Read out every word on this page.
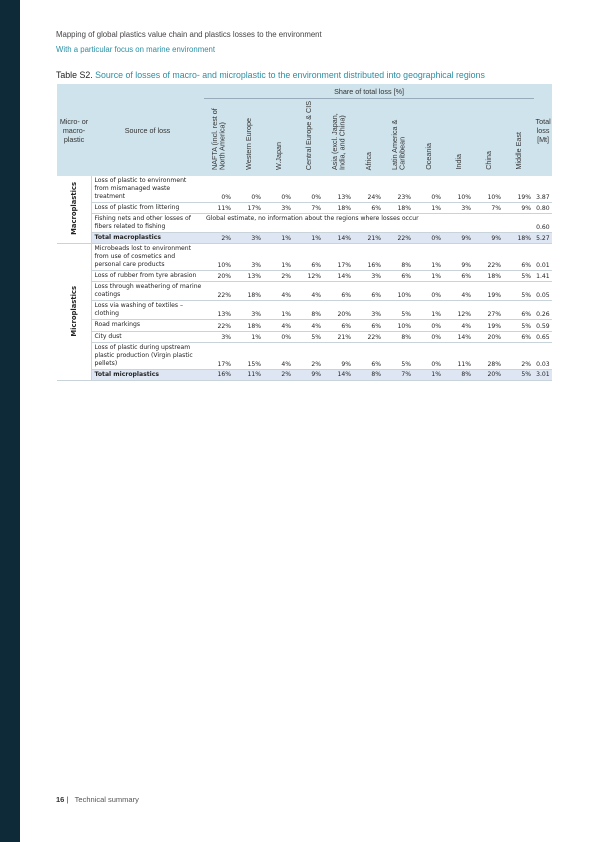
Mapping of global plastics value chain and plastics losses to the environment
With a particular focus on marine environment
Table S2. Source of losses of macro- and microplastic to the environment distributed into geographical regions
Micro- or macro- plastic	Source of loss	Share of total loss [%]											Total loss [Mt]
		NAFTA (incl. rest of North America)	Western Europe	W.Japan	Central Europe & CIS	Asia (excl. Japan, India, and China)	Africa	Latin America & Caribbean	Oceania	India	China	Middle East	
Macroplastics	Loss of plastic to environment from mismanaged waste treatment	0%	0%	0%	0%	13%	24%	23%	0%	10%	10%	19%	3.87
	Loss of plastic from littering	11%	17%	3%	7%	18%	6%	18%	1%	3%	7%	9%	0.80
	Fishing nets and other losses of fibers related to fishing	Global estimate, no information about the regions where losses occur											0.60
	Total macroplastics	2%	3%	1%	1%	14%	21%	22%	0%	9%	9%	18%	5.27
Microplastics	Microbeads lost to environment from use of cosmetics and personal care products	10%	3%	1%	6%	17%	16%	8%	1%	9%	22%	6%	0.01
	Loss of rubber from tyre abrasion	20%	13%	2%	12%	14%	3%	6%	1%	6%	18%	5%	1.41
	Loss through weathering of marine coatings	22%	18%	4%	4%	6%	6%	10%	0%	4%	19%	5%	0.05
	Loss via washing of textiles – clothing	13%	3%	1%	8%	20%	3%	5%	1%	12%	27%	6%	0.26
	Road markings	22%	18%	4%	4%	6%	6%	10%	0%	4%	19%	5%	0.59
	City dust	3%	1%	0%	5%	21%	22%	8%	0%	14%	20%	6%	0.65
	Loss of plastic during upstream plastic production (Virgin plastic pellets)	17%	15%	4%	2%	9%	6%	5%	0%	11%	28%	2%	0.03
	Total microplastics	16%	11%	2%	9%	14%	8%	7%	1%	8%	20%	5%	3.01
16 | Technical summary
